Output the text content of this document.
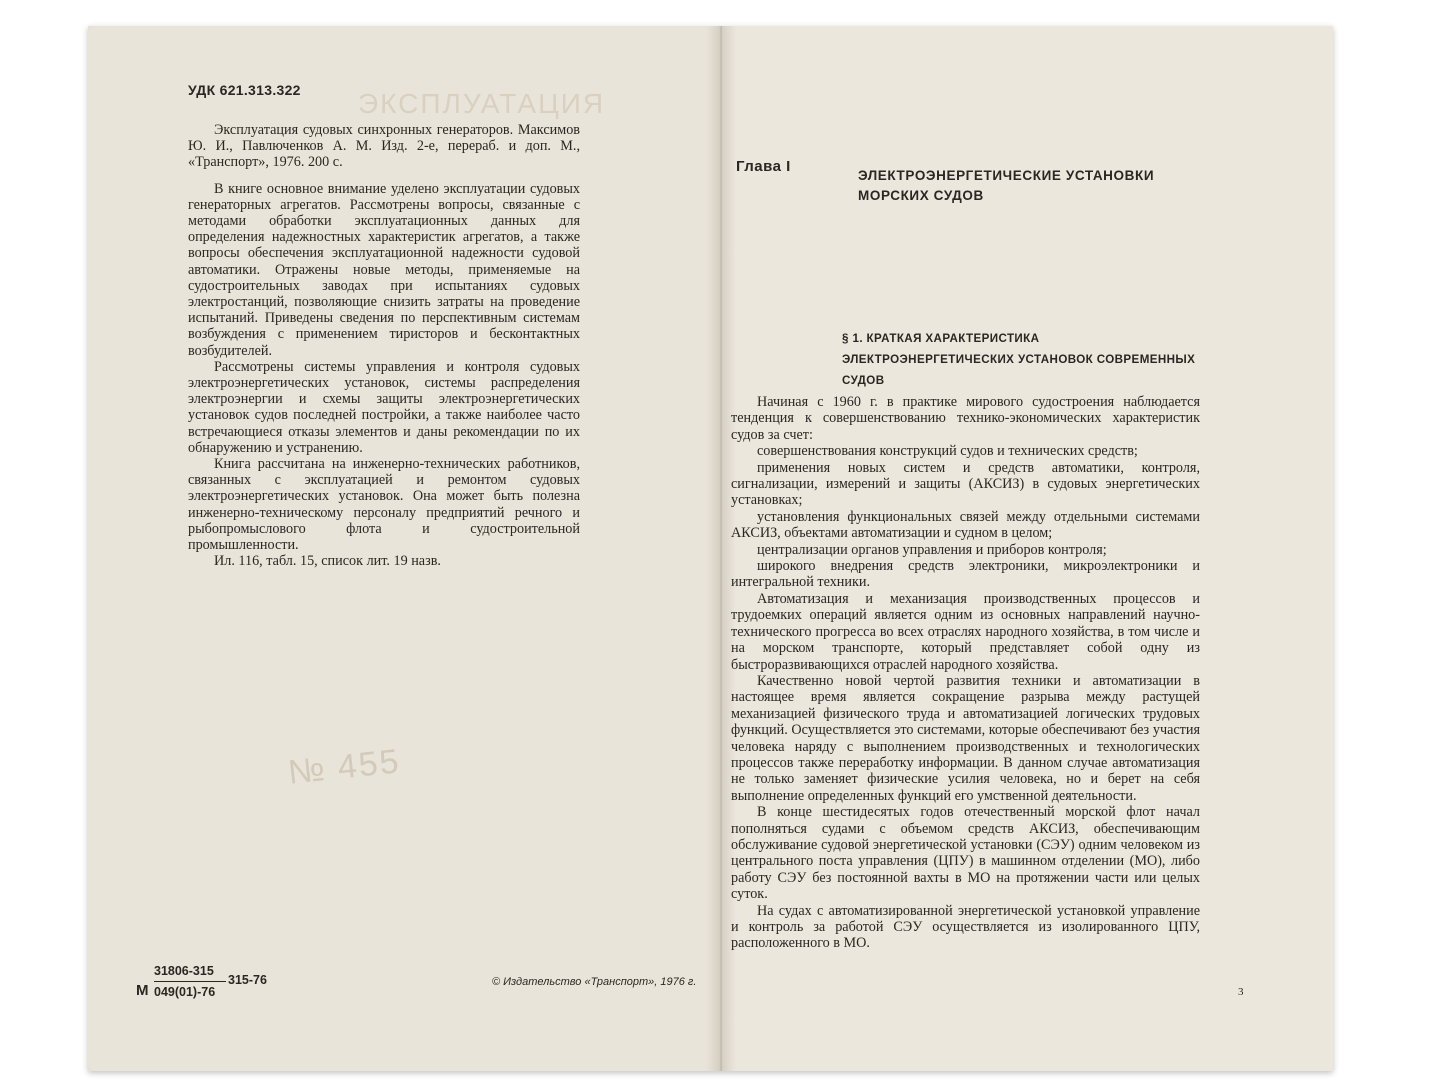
ЭКСПЛУАТАЦИЯ
УДК 621.313.322

Эксплуатация судовых синхронных генераторов. Максимов Ю. И., Павлюченков А. М. Изд. 2-е, перераб. и доп. М., «Транспорт», 1976. 200 с.

В книге основное внимание уделено эксплуатации судовых генераторных агрегатов. Рассмотрены вопросы, связанные с методами обработки эксплуатационных данных для определения надежностных характеристик агрегатов, а также вопросы обеспечения эксплуатационной надежности судовой автоматики. Отражены новые методы, применяемые на судостроительных заводах при испытаниях судовых электростанций, позволяющие снизить затраты на проведение испытаний. Приведены сведения по перспективным системам возбуждения с применением тиристоров и бесконтактных возбудителей.

Рассмотрены системы управления и контроля судовых электроэнергетических установок, системы распределения электроэнергии и схемы защиты электроэнергетических установок судов последней постройки, а также наиболее часто встречающиеся отказы элементов и даны рекомендации по их обнаружению и устранению.

Книга рассчитана на инженерно-технических работников, связанных с эксплуатацией и ремонтом судовых электроэнергетических установок. Она может быть полезна инженерно-техническому персоналу предприятий речного и рыбопромыслового флота и судостроительной промышленности.

Ил. 116, табл. 15, список лит. 19 назв.

№ 455
М
31806-315
049(01)-76
315-76	© Издательство «Транспорт», 1976 г.
Глава I
ЭЛЕКТРОЭНЕРГЕТИЧЕСКИЕ УСТАНОВКИ
МОРСКИХ СУДОВ
§ 1. КРАТКАЯ ХАРАКТЕРИСТИКА
ЭЛЕКТРОЭНЕРГЕТИЧЕСКИХ УСТАНОВОК СОВРЕМЕННЫХ
СУДОВ

Начиная с 1960 г. в практике мирового судостроения наблюдается тенденция к совершенствованию технико-экономических характеристик судов за счет:

совершенствования конструкций судов и технических средств;
применения новых систем и средств автоматики, контроля, сигнализации, измерений и защиты (АКСИЗ) в судовых энергетических установках;
установления функциональных связей между отдельными системами АКСИЗ, объектами автоматизации и судном в целом;
централизации органов управления и приборов контроля;
широкого внедрения средств электроники, микроэлектроники и интегральной техники.

Автоматизация и механизация производственных процессов и трудоемких операций является одним из основных направлений научно-технического прогресса во всех отраслях народного хозяйства, в том числе и на морском транспорте, который представляет собой одну из быстроразвивающихся отраслей народного хозяйства.

Качественно новой чертой развития техники и автоматизации в настоящее время является сокращение разрыва между растущей механизацией физического труда и автоматизацией логических трудовых функций. Осуществляется это системами, которые обеспечивают без участия человека наряду с выполнением производственных и технологических процессов также переработку информации. В данном случае автоматизация не только заменяет физические усилия человека, но и берет на себя выполнение определенных функций его умственной деятельности.

В конце шестидесятых годов отечественный морской флот начал пополняться судами с объемом средств АКСИЗ, обеспечивающим обслуживание судовой энергетической установки (СЭУ) одним человеком из центрального поста управления (ЦПУ) в машинном отделении (МО), либо работу СЭУ без постоянной вахты в МО на протяжении части или целых суток.

На судах с автоматизированной энергетической установкой управление и контроль за работой СЭУ осуществляется из изолированного ЦПУ, расположенного в МО.

3
